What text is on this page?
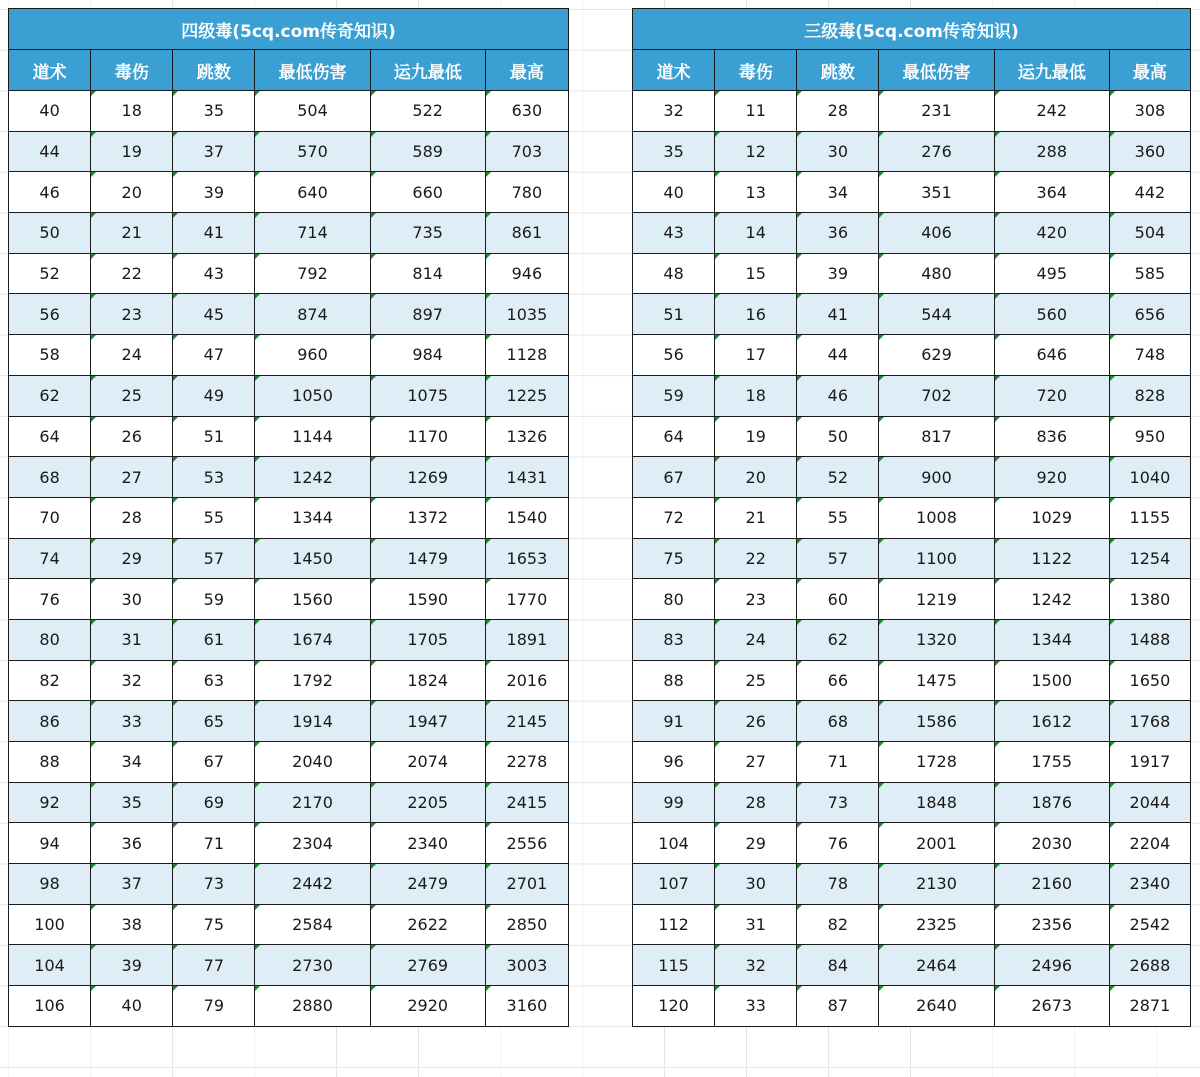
四级毒(5cq.com传奇知识)					
道术	毒伤	跳数	最低伤害	运九最低	最高
40	18	35	504	522	630
44	19	37	570	589	703
46	20	39	640	660	780
50	21	41	714	735	861
52	22	43	792	814	946
56	23	45	874	897	1035
58	24	47	960	984	1128
62	25	49	1050	1075	1225
64	26	51	1144	1170	1326
68	27	53	1242	1269	1431
70	28	55	1344	1372	1540
74	29	57	1450	1479	1653
76	30	59	1560	1590	1770
80	31	61	1674	1705	1891
82	32	63	1792	1824	2016
86	33	65	1914	1947	2145
88	34	67	2040	2074	2278
92	35	69	2170	2205	2415
94	36	71	2304	2340	2556
98	37	73	2442	2479	2701
100	38	75	2584	2622	2850
104	39	77	2730	2769	3003
106	40	79	2880	2920	3160
三级毒(5cq.com传奇知识)					
道术	毒伤	跳数	最低伤害	运九最低	最高
32	11	28	231	242	308
35	12	30	276	288	360
40	13	34	351	364	442
43	14	36	406	420	504
48	15	39	480	495	585
51	16	41	544	560	656
56	17	44	629	646	748
59	18	46	702	720	828
64	19	50	817	836	950
67	20	52	900	920	1040
72	21	55	1008	1029	1155
75	22	57	1100	1122	1254
80	23	60	1219	1242	1380
83	24	62	1320	1344	1488
88	25	66	1475	1500	1650
91	26	68	1586	1612	1768
96	27	71	1728	1755	1917
99	28	73	1848	1876	2044
104	29	76	2001	2030	2204
107	30	78	2130	2160	2340
112	31	82	2325	2356	2542
115	32	84	2464	2496	2688
120	33	87	2640	2673	2871
